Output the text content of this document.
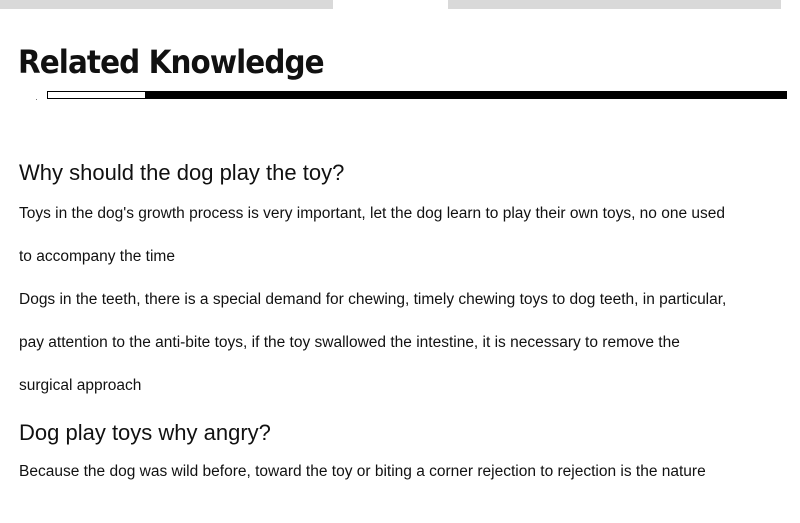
Related Knowledge
Why should the dog play the toy?

Toys in the dog's growth process is very important, let the dog learn to play their own toys, no one used

to accompany the time

Dogs in the teeth, there is a special demand for chewing, timely chewing toys to dog teeth, in particular,

pay attention to the anti-bite toys, if the toy swallowed the intestine, it is necessary to remove the

surgical approach

Dog play toys why angry?

Because the dog was wild before, toward the toy or biting a corner rejection to rejection is the nature
